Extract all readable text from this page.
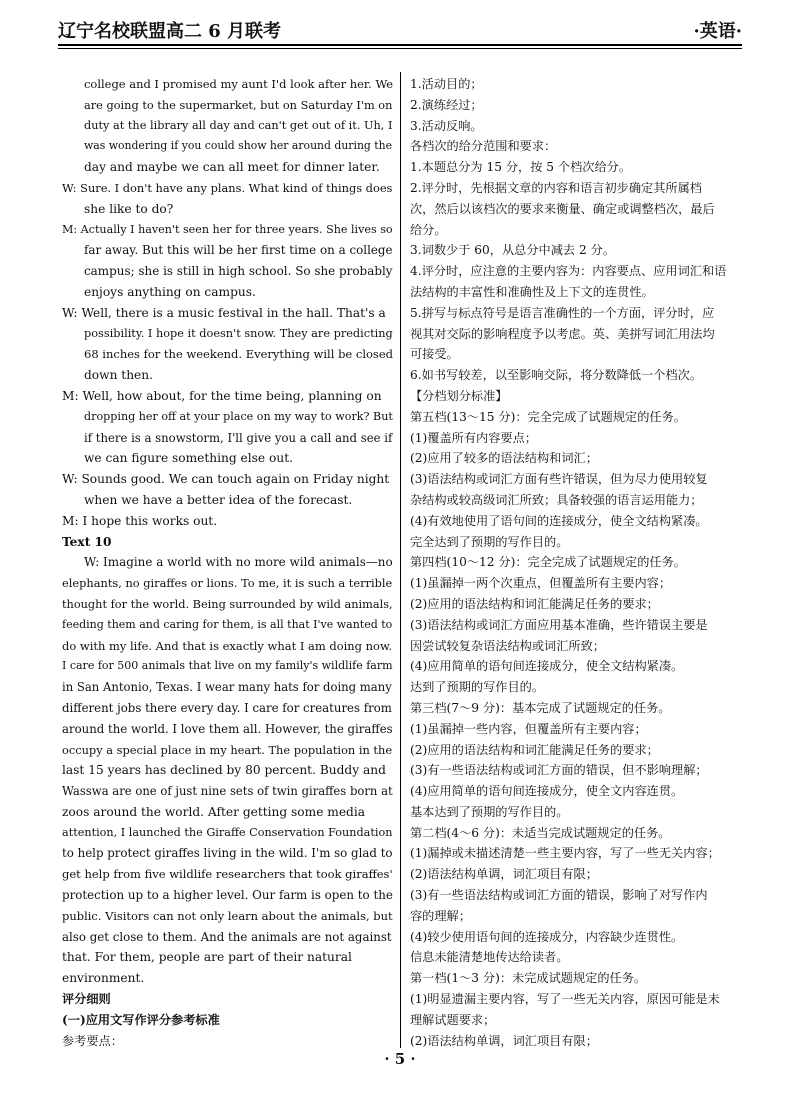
辽宁名校联盟高二 6 月联考	·英语·
college and I promised my aunt I'd look after her. We
are going to the supermarket, but on Saturday I'm on
duty at the library all day and can't get out of it. Uh, I
was wondering if you could show her around during the
day and maybe we can all meet for dinner later.
W: Sure. I don't have any plans. What kind of things does
she like to do?
M: Actually I haven't seen her for three years. She lives so
far away. But this will be her first time on a college
campus; she is still in high school. So she probably
enjoys anything on campus.
W: Well, there is a music festival in the hall. That's a
possibility. I hope it doesn't snow. They are predicting
68 inches for the weekend. Everything will be closed
down then.
M: Well, how about, for the time being, planning on
dropping her off at your place on my way to work? But
if there is a snowstorm, I'll give you a call and see if
we can figure something else out.
W: Sounds good. We can touch again on Friday night
when we have a better idea of the forecast.
M: I hope this works out.
Text 10
W: Imagine a world with no more wild animals—no
elephants, no giraffes or lions. To me, it is such a terrible
thought for the world. Being surrounded by wild animals,
feeding them and caring for them, is all that I've wanted to
do with my life. And that is exactly what I am doing now.
I care for 500 animals that live on my family's wildlife farm
in San Antonio, Texas. I wear many hats for doing many
different jobs there every day. I care for creatures from
around the world. I love them all. However, the giraffes
occupy a special place in my heart. The population in the
last 15 years has declined by 80 percent. Buddy and
Wasswa are one of just nine sets of twin giraffes born at
zoos around the world. After getting some media
attention, I launched the Giraffe Conservation Foundation
to help protect giraffes living in the wild. I'm so glad to
get help from five wildlife researchers that took giraffes'
protection up to a higher level. Our farm is open to the
public. Visitors can not only learn about the animals, but
also get close to them. And the animals are not against
that. For them, people are part of their natural
environment.
评分细则
(一)应用文写作评分参考标准
参考要点：
1.活动目的；
2.演练经过；
3.活动反响。
各档次的给分范围和要求：
1.本题总分为 15 分，按 5 个档次给分。
2.评分时，先根据文章的内容和语言初步确定其所属档
次，然后以该档次的要求来衡量、确定或调整档次，最后
给分。
3.词数少于 60，从总分中减去 2 分。
4.评分时，应注意的主要内容为：内容要点、应用词汇和语
法结构的丰富性和准确性及上下文的连贯性。
5.拼写与标点符号是语言准确性的一个方面，评分时，应
视其对交际的影响程度予以考虑。英、美拼写词汇用法均
可接受。
6.如书写较差，以至影响交际，将分数降低一个档次。
【分档划分标准】
第五档(13～15 分)：完全完成了试题规定的任务。
(1)覆盖所有内容要点；
(2)应用了较多的语法结构和词汇；
(3)语法结构或词汇方面有些许错误，但为尽力使用较复
杂结构或较高级词汇所致；具备较强的语言运用能力；
(4)有效地使用了语句间的连接成分，使全文结构紧凑。
完全达到了预期的写作目的。
第四档(10～12 分)：完全完成了试题规定的任务。
(1)虽漏掉一两个次重点，但覆盖所有主要内容；
(2)应用的语法结构和词汇能满足任务的要求；
(3)语法结构或词汇方面应用基本准确，些许错误主要是
因尝试较复杂语法结构或词汇所致；
(4)应用简单的语句间连接成分，使全文结构紧凑。
达到了预期的写作目的。
第三档(7～9 分)：基本完成了试题规定的任务。
(1)虽漏掉一些内容，但覆盖所有主要内容；
(2)应用的语法结构和词汇能满足任务的要求；
(3)有一些语法结构或词汇方面的错误，但不影响理解；
(4)应用简单的语句间连接成分，使全文内容连贯。
基本达到了预期的写作目的。
第二档(4～6 分)：未适当完成试题规定的任务。
(1)漏掉或未描述清楚一些主要内容，写了一些无关内容；
(2)语法结构单调，词汇项目有限；
(3)有一些语法结构或词汇方面的错误，影响了对写作内
容的理解；
(4)较少使用语句间的连接成分，内容缺少连贯性。
信息未能清楚地传达给读者。
第一档(1～3 分)：未完成试题规定的任务。
(1)明显遗漏主要内容，写了一些无关内容，原因可能是未
理解试题要求；
(2)语法结构单调，词汇项目有限；
· 5 ·
